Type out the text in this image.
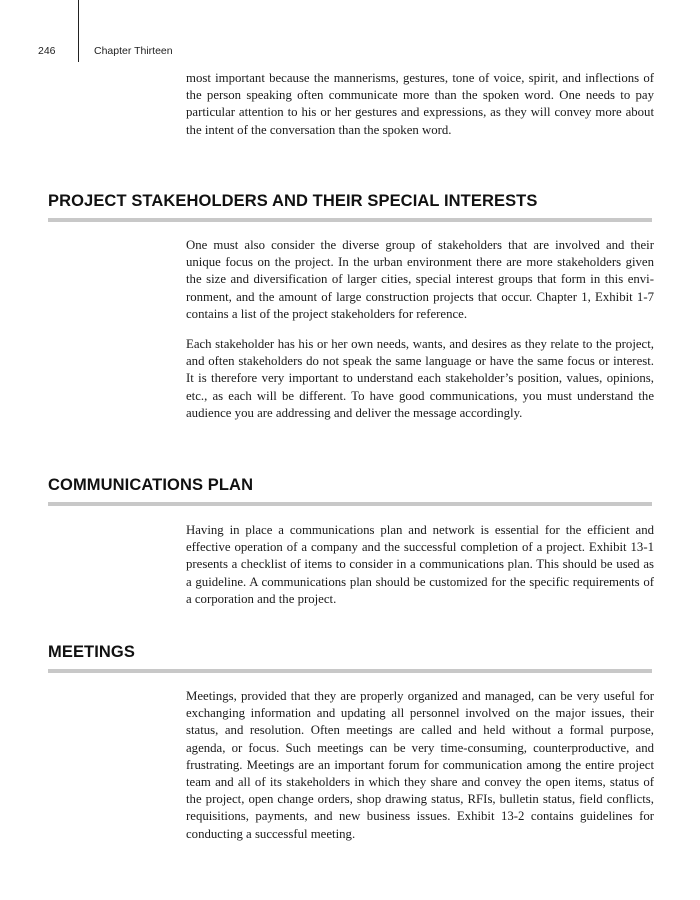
246	Chapter Thirteen

most important because the mannerisms, gestures, tone of voice, spirit, and inflections of the person speaking often communicate more than the spoken word. One needs to pay particular attention to his or her gestures and expressions, as they will convey more about the intent of the conversation than the spoken word.

PROJECT STAKEHOLDERS AND THEIR SPECIAL INTERESTS

One must also consider the diverse group of stakeholders that are involved and their unique focus on the project. In the urban environment there are more stakeholders given the size and diversification of larger cities, special interest groups that form in this environment, and the amount of large construction projects that occur. Chapter 1, Exhibit 1-7 contains a list of the project stakeholders for reference.

Each stakeholder has his or her own needs, wants, and desires as they relate to the project, and often stakeholders do not speak the same language or have the same focus or interest. It is therefore very important to understand each stakeholder’s position, values, opinions, etc., as each will be different. To have good communications, you must understand the audience you are addressing and deliver the message accordingly.

COMMUNICATIONS PLAN

Having in place a communications plan and network is essential for the efficient and effective operation of a company and the successful completion of a project. Exhibit 13-1 presents a checklist of items to consider in a communications plan. This should be used as a guideline. A communications plan should be customized for the specific requirements of a corporation and the project.

MEETINGS

Meetings, provided that they are properly organized and managed, can be very useful for exchanging information and updating all personnel involved on the major issues, their status, and resolution. Often meetings are called and held without a formal purpose, agenda, or focus. Such meetings can be very time-consuming, counterproductive, and frustrating. Meetings are an important forum for communication among the entire project team and all of its stakeholders in which they share and convey the open items, status of the project, open change orders, shop drawing status, RFIs, bulletin status, field conflicts, requisitions, payments, and new business issues. Exhibit 13-2 contains guidelines for conducting a successful meeting.
